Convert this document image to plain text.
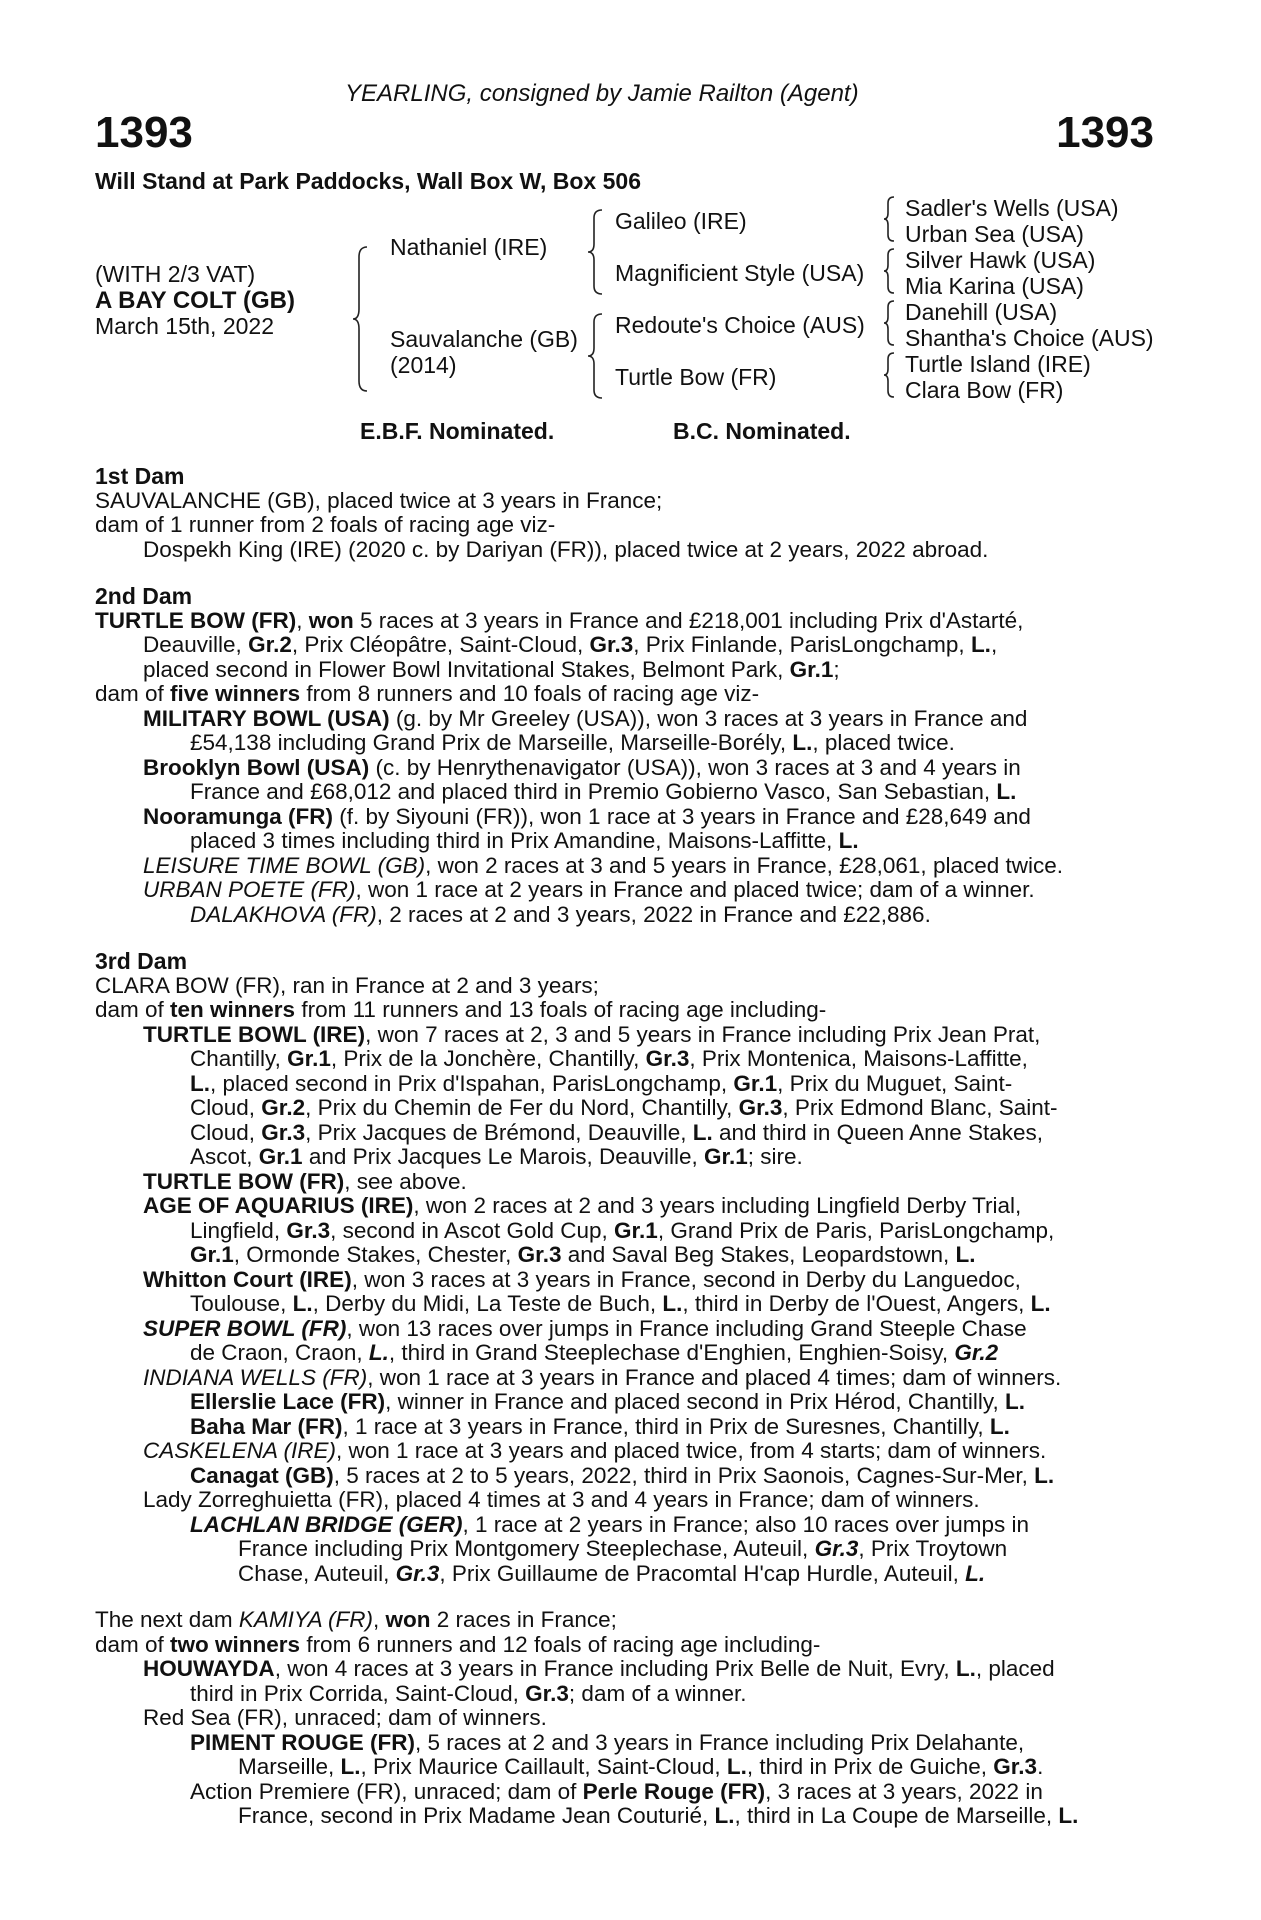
YEARLING, consigned by Jamie Railton (Agent)
1393	1393
Will Stand at Park Paddocks, Wall Box W, Box 506
(WITH 2/3 VAT)
A BAY COLT (GB)
March 15th, 2022
Nathaniel (IRE)
Sauvalanche (GB)
(2014)
Galileo (IRE)
Magnificient Style (USA)
Redoute's Choice (AUS)
Turtle Bow (FR)
Sadler's Wells (USA)
Urban Sea (USA)
Silver Hawk (USA)
Mia Karina (USA)
Danehill (USA)
Shantha's Choice (AUS)
Turtle Island (IRE)
Clara Bow (FR)
E.B.F. Nominated.	B.C. Nominated.
1st Dam
SAUVALANCHE (GB), placed twice at 3 years in France;
dam of 1 runner from 2 foals of racing age viz-
Dospekh King (IRE) (2020 c. by Dariyan (FR)), placed twice at 2 years, 2022 abroad.
2nd Dam
TURTLE BOW (FR), won 5 races at 3 years in France and £218,001 including Prix d'Astarté,
Deauville, Gr.2, Prix Cléopâtre, Saint-Cloud, Gr.3, Prix Finlande, ParisLongchamp, L.,
placed second in Flower Bowl Invitational Stakes, Belmont Park, Gr.1;
dam of five winners from 8 runners and 10 foals of racing age viz-
MILITARY BOWL (USA) (g. by Mr Greeley (USA)), won 3 races at 3 years in France and
£54,138 including Grand Prix de Marseille, Marseille-Borély, L., placed twice.
Brooklyn Bowl (USA) (c. by Henrythenavigator (USA)), won 3 races at 3 and 4 years in
France and £68,012 and placed third in Premio Gobierno Vasco, San Sebastian, L.
Nooramunga (FR) (f. by Siyouni (FR)), won 1 race at 3 years in France and £28,649 and
placed 3 times including third in Prix Amandine, Maisons-Laffitte, L.
LEISURE TIME BOWL (GB), won 2 races at 3 and 5 years in France, £28,061, placed twice.
URBAN POETE (FR), won 1 race at 2 years in France and placed twice; dam of a winner.
DALAKHOVA (FR), 2 races at 2 and 3 years, 2022 in France and £22,886.
3rd Dam
CLARA BOW (FR), ran in France at 2 and 3 years;
dam of ten winners from 11 runners and 13 foals of racing age including-
TURTLE BOWL (IRE), won 7 races at 2, 3 and 5 years in France including Prix Jean Prat,
Chantilly, Gr.1, Prix de la Jonchère, Chantilly, Gr.3, Prix Montenica, Maisons-Laffitte,
L., placed second in Prix d'Ispahan, ParisLongchamp, Gr.1, Prix du Muguet, Saint-
Cloud, Gr.2, Prix du Chemin de Fer du Nord, Chantilly, Gr.3, Prix Edmond Blanc, Saint-
Cloud, Gr.3, Prix Jacques de Brémond, Deauville, L. and third in Queen Anne Stakes,
Ascot, Gr.1 and Prix Jacques Le Marois, Deauville, Gr.1; sire.
TURTLE BOW (FR), see above.
AGE OF AQUARIUS (IRE), won 2 races at 2 and 3 years including Lingfield Derby Trial,
Lingfield, Gr.3, second in Ascot Gold Cup, Gr.1, Grand Prix de Paris, ParisLongchamp,
Gr.1, Ormonde Stakes, Chester, Gr.3 and Saval Beg Stakes, Leopardstown, L.
Whitton Court (IRE), won 3 races at 3 years in France, second in Derby du Languedoc,
Toulouse, L., Derby du Midi, La Teste de Buch, L., third in Derby de l'Ouest, Angers, L.
SUPER BOWL (FR), won 13 races over jumps in France including Grand Steeple Chase
de Craon, Craon, L., third in Grand Steeplechase d'Enghien, Enghien-Soisy, Gr.2
INDIANA WELLS (FR), won 1 race at 3 years in France and placed 4 times; dam of winners.
Ellerslie Lace (FR), winner in France and placed second in Prix Hérod, Chantilly, L.
Baha Mar (FR), 1 race at 3 years in France, third in Prix de Suresnes, Chantilly, L.
CASKELENA (IRE), won 1 race at 3 years and placed twice, from 4 starts; dam of winners.
Canagat (GB), 5 races at 2 to 5 years, 2022, third in Prix Saonois, Cagnes-Sur-Mer, L.
Lady Zorreghuietta (FR), placed 4 times at 3 and 4 years in France; dam of winners.
LACHLAN BRIDGE (GER), 1 race at 2 years in France; also 10 races over jumps in
France including Prix Montgomery Steeplechase, Auteuil, Gr.3, Prix Troytown
Chase, Auteuil, Gr.3, Prix Guillaume de Pracomtal H'cap Hurdle, Auteuil, L.
The next dam KAMIYA (FR), won 2 races in France;
dam of two winners from 6 runners and 12 foals of racing age including-
HOUWAYDA, won 4 races at 3 years in France including Prix Belle de Nuit, Evry, L., placed
third in Prix Corrida, Saint-Cloud, Gr.3; dam of a winner.
Red Sea (FR), unraced; dam of winners.
PIMENT ROUGE (FR), 5 races at 2 and 3 years in France including Prix Delahante,
Marseille, L., Prix Maurice Caillault, Saint-Cloud, L., third in Prix de Guiche, Gr.3.
Action Premiere (FR), unraced; dam of Perle Rouge (FR), 3 races at 3 years, 2022 in
France, second in Prix Madame Jean Couturié, L., third in La Coupe de Marseille, L.
